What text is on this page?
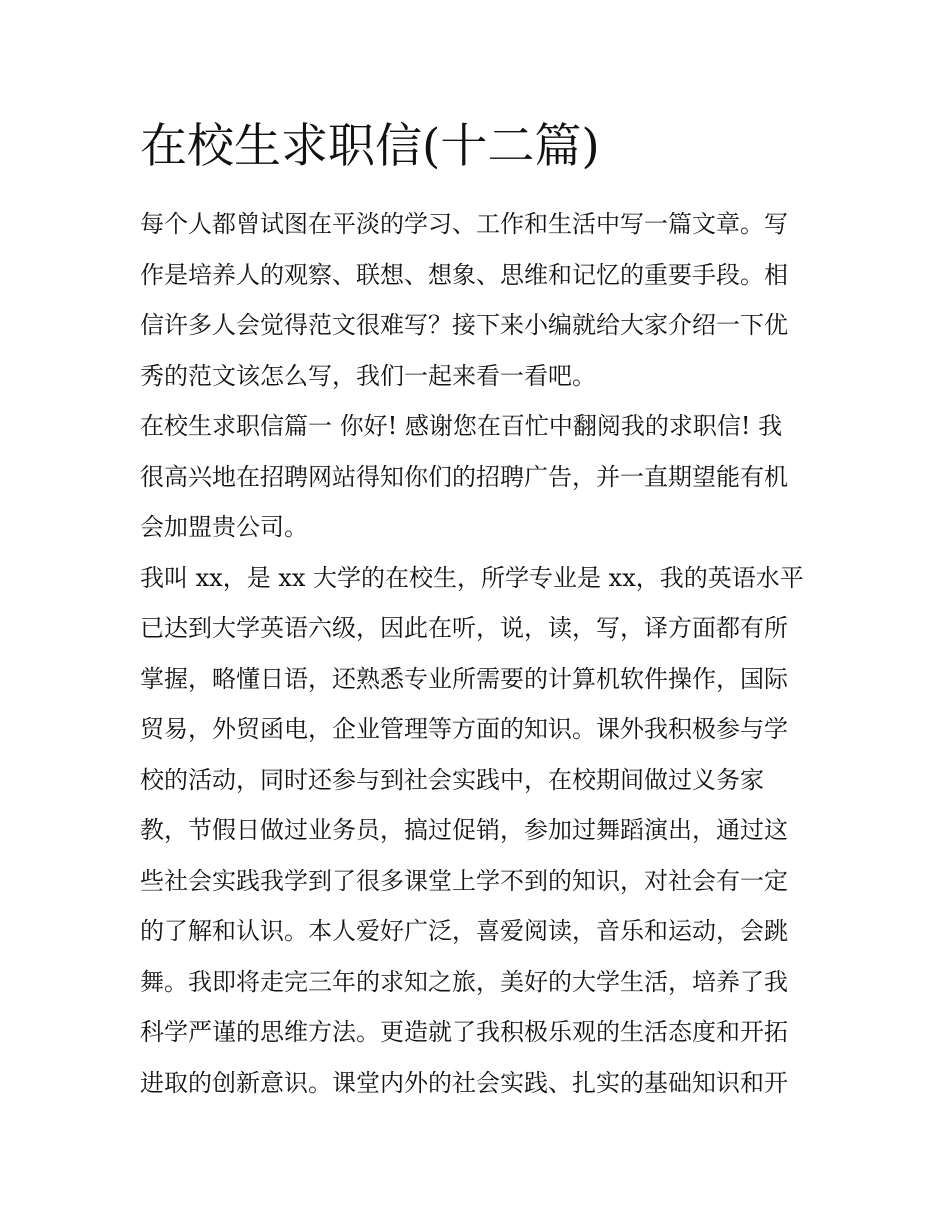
在校生求职信(十二篇)
每个人都曾试图在平淡的学习、工作和生活中写一篇文章。写
作是培养人的观察、联想、想象、思维和记忆的重要手段。相
信许多人会觉得范文很难写？接下来小编就给大家介绍一下优
秀的范文该怎么写，我们一起来看一看吧。
在校生求职信篇一 你好! 感谢您在百忙中翻阅我的求职信! 我
很高兴地在招聘网站得知你们的招聘广告，并一直期望能有机
会加盟贵公司。
我叫 xx，是 xx 大学的在校生，所学专业是 xx，我的英语水平
已达到大学英语六级，因此在听，说，读，写，译方面都有所
掌握，略懂日语，还熟悉专业所需要的计算机软件操作，国际
贸易，外贸函电，企业管理等方面的知识。课外我积极参与学
校的活动，同时还参与到社会实践中，在校期间做过义务家
教，节假日做过业务员，搞过促销，参加过舞蹈演出，通过这
些社会实践我学到了很多课堂上学不到的知识，对社会有一定
的了解和认识。本人爱好广泛，喜爱阅读，音乐和运动，会跳
舞。我即将走完三年的求知之旅，美好的大学生活，培养了我
科学严谨的思维方法。更造就了我积极乐观的生活态度和开拓
进取的创新意识。课堂内外的社会实践、扎实的基础知识和开
